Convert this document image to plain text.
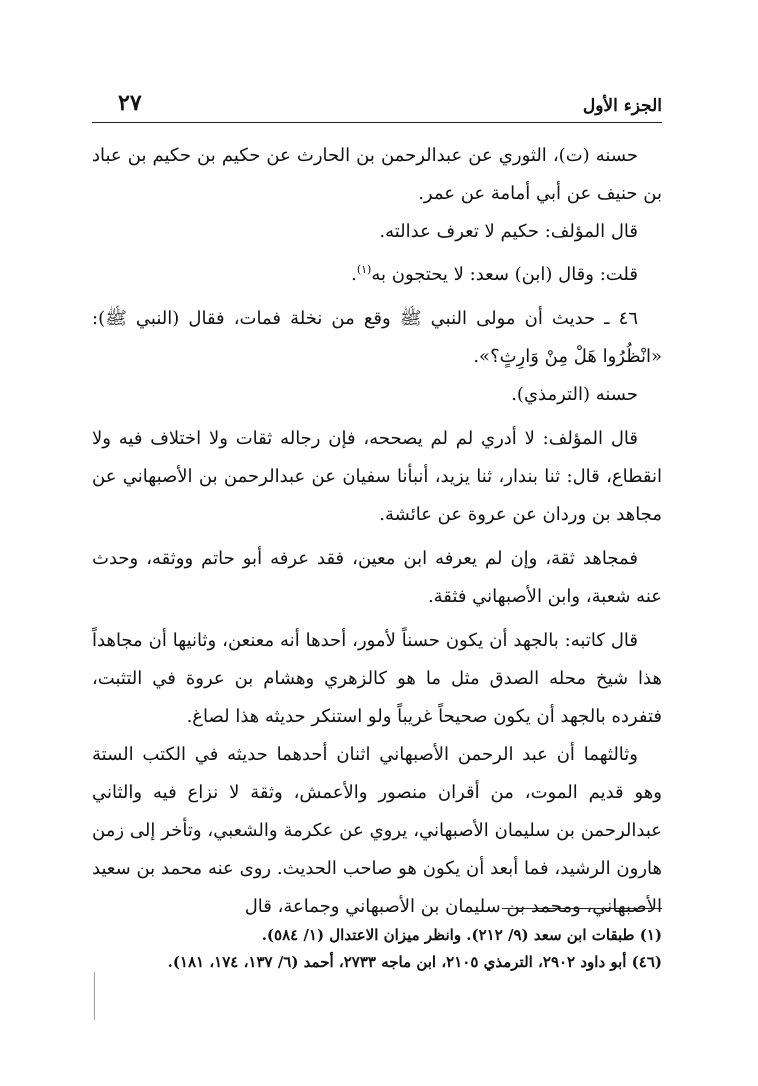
الجزء الأول
٢٧

حسنه (ت)، الثوري عن عبدالرحمن بن الحارث عن حكيم بن حكيم بن عباد بن حنيف عن أبي أمامة عن عمر.

قال المؤلف: حكيم لا تعرف عدالته.

قلت: وقال (ابن) سعد: لا يحتجون به$^{(١)}$.

٤٦ ـ حديث أن مولى النبي ﷺ وقع من نخلة فمات، فقال (النبي ﷺ): «انْظُرُوا هَلْ مِنْ وَارِثٍ؟».

حسنه (الترمذي).

قال المؤلف: لا أدري لم لم يصححه، فإن رجاله ثقات ولا اختلاف فيه ولا انقطاع، قال: ثنا بندار، ثنا يزيد، أنبأنا سفيان عن عبدالرحمن بن الأصبهاني عن مجاهد بن وردان عن عروة عن عائشة.

فمجاهد ثقة، وإن لم يعرفه ابن معين، فقد عرفه أبو حاتم ووثقه، وحدث عنه شعبة، وابن الأصبهاني فثقة.

قال كاتبه: بالجهد أن يكون حسناً لأمور، أحدها أنه معنعن، وثانيها أن مجاهداً هذا شيخ محله الصدق مثل ما هو كالزهري وهشام بن عروة في التثبت، فتفرده بالجهد أن يكون صحيحاً غريباً ولو استنكر حديثه هذا لصاغ.

وثالثهما أن عبد الرحمن الأصبهاني اثنان أحدهما حديثه في الكتب الستة وهو قديم الموت، من أقران منصور والأعمش، وثقة لا نزاع فيه والثاني عبدالرحمن بن سليمان الأصبهاني، يروي عن عكرمة والشعبي، وتأخر إلى زمن هارون الرشيد، فما أبعد أن يكون هو صاحب الحديث. روى عنه محمد بن سعيد الأصبهاني، ومحمد بن سليمان بن الأصبهاني وجماعة، قال

(١) طبقات ابن سعد (٩/ ٢١٢). وانظر ميزان الاعتدال (١/ ٥٨٤).

(٤٦) أبو داود ٢٩٠٢، الترمذي ٢١٠٥، ابن ماجه ٢٧٣٣، أحمد (٦/ ١٣٧، ١٧٤، ١٨١).
